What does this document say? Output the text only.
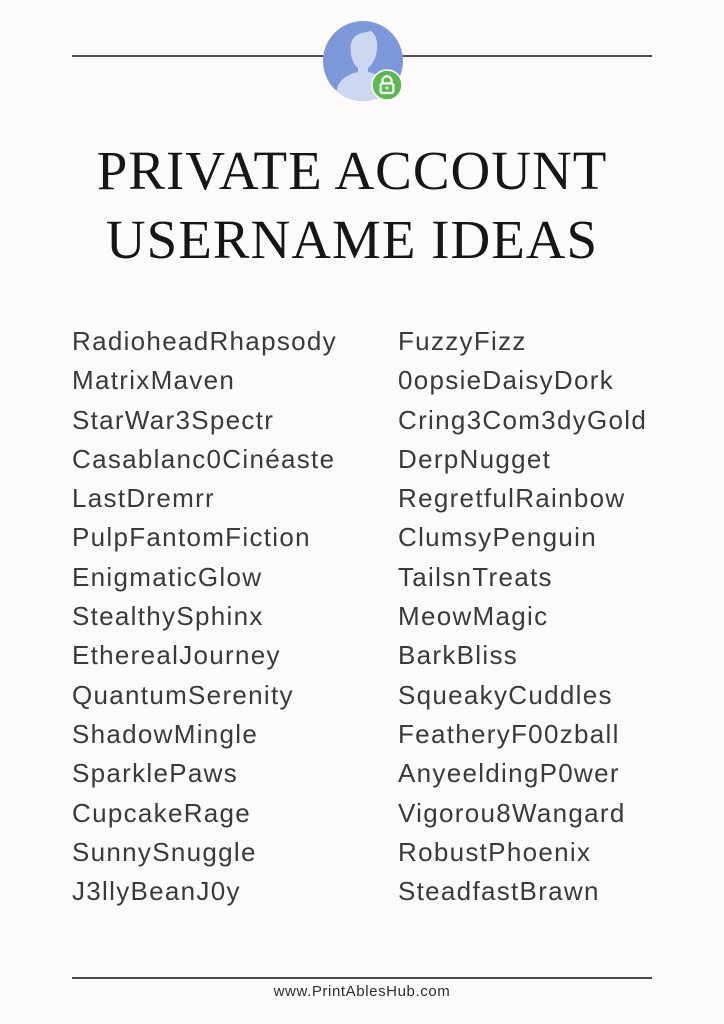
PRIVATE ACCOUNT
USERNAME IDEAS
RadioheadRhapsody
MatrixMaven
StarWar3Spectr
Casablanc0Cinéaste
LastDremrr
PulpFantomFiction
EnigmaticGlow
StealthySphinx
EtherealJourney
QuantumSerenity
ShadowMingle
SparklePaws
CupcakeRage
SunnySnuggle
J3llyBeanJ0y
FuzzyFizz
0opsieDaisyDork
Cring3Com3dyGold
DerpNugget
RegretfulRainbow
ClumsyPenguin
TailsnTreats
MeowMagic
BarkBliss
SqueakyCuddles
FeatheryF00zball
AnyeeldingP0wer
Vigorou8Wangard
RobustPhoenix
SteadfastBrawn
www.PrintAblesHub.com
